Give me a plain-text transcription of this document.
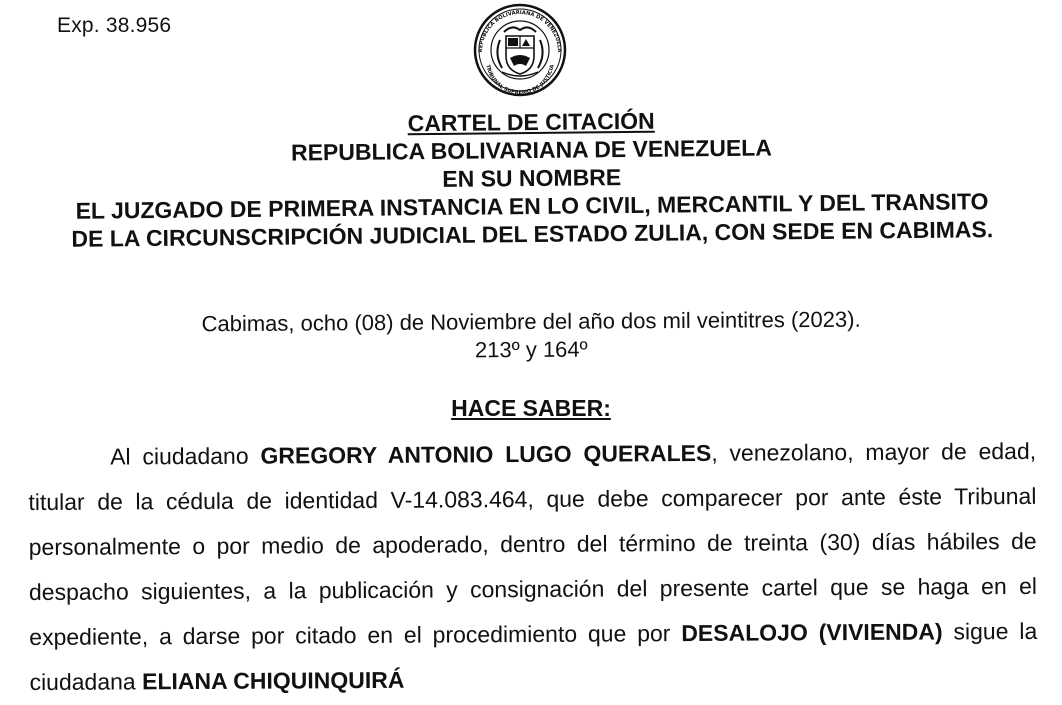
Exp. 38.956
REPUBLICA BOLIVARIANA DE VENEZUELA
TRIBUNAL SUPREMO DE JUSTICIA
CARTEL DE CITACIÓN
REPUBLICA BOLIVARIANA DE VENEZUELA
EN SU NOMBRE
EL JUZGADO DE PRIMERA INSTANCIA EN LO CIVIL, MERCANTIL Y DEL TRANSITO DE LA CIRCUNSCRIPCIÓN JUDICIAL DEL ESTADO ZULIA, CON SEDE EN CABIMAS.
Cabimas, ocho (08) de Noviembre del año dos mil veintitres (2023).
213º y 164º
HACE SABER:

Al ciudadano GREGORY ANTONIO LUGO QUERALES, venezolano, mayor de edad, titular de la cédula de identidad V-14.083.464, que debe comparecer por ante éste Tribunal personalmente o por medio de apoderado, dentro del término de treinta (30) días hábiles de despacho siguientes, a la publicación y consignación del presente cartel que se haga en el expediente, a darse por citado en el procedimiento que por DESALOJO (VIVIENDA) sigue la ciudadana ELIANA CHIQUINQUIRÁ
